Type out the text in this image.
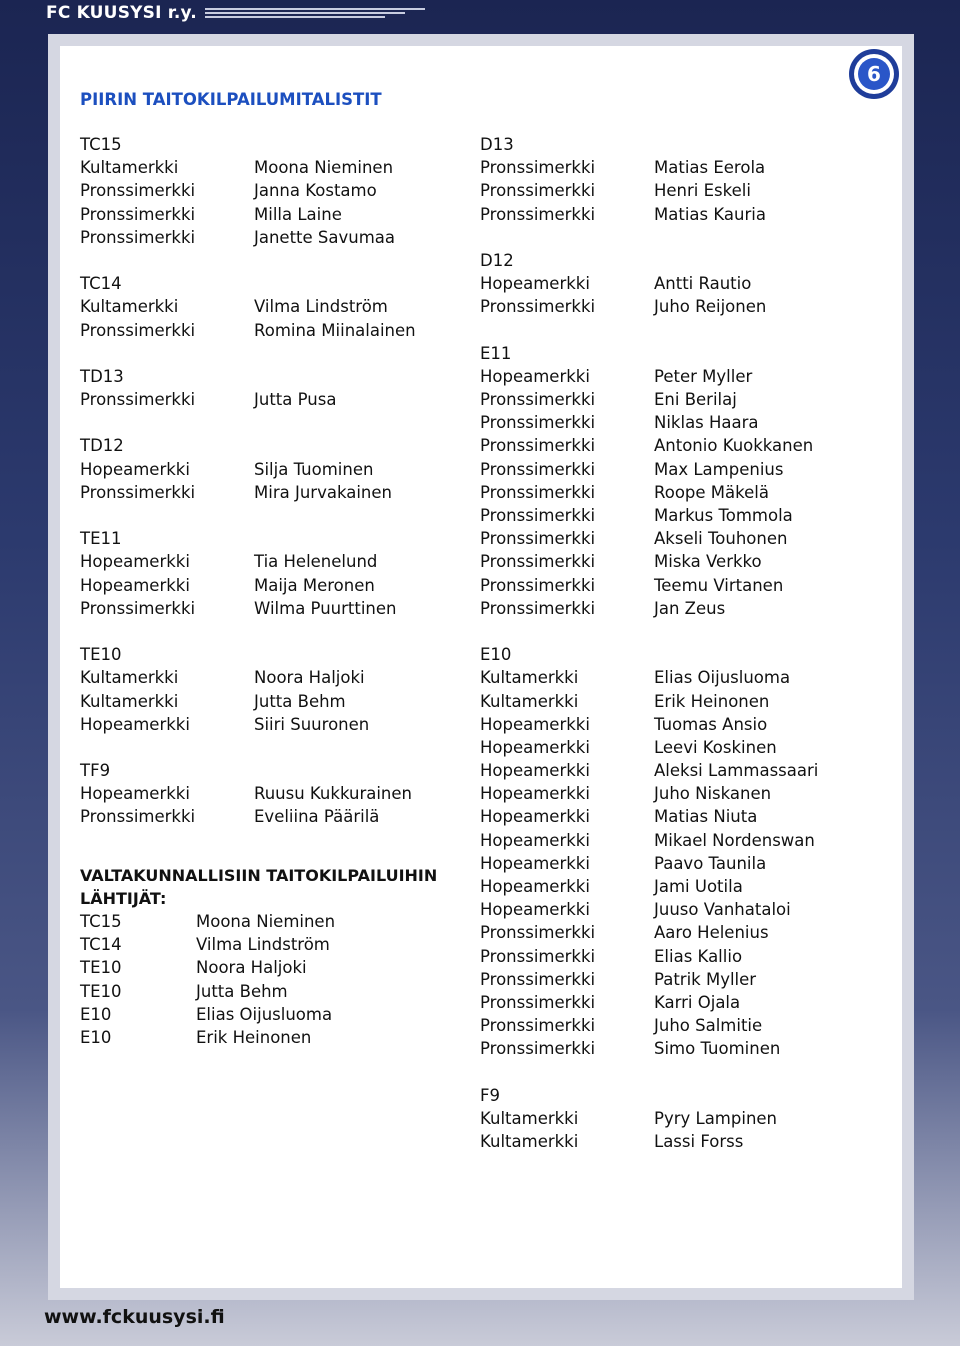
FC KUUSYSI r.y.
6
PIIRIN TAITOKILPAILUMITALISTIT
TC15
Kultamerkki	Moona Nieminen
Pronssimerkki	Janna Kostamo
Pronssimerkki	Milla Laine
Pronssimerkki	Janette Savumaa
TC14
Kultamerkki	Vilma Lindström
Pronssimerkki	Romina Miinalainen
TD13
Pronssimerkki	Jutta Pusa
TD12
Hopeamerkki	Silja Tuominen
Pronssimerkki	Mira Jurvakainen
TE11
Hopeamerkki	Tia Helenelund
Hopeamerkki	Maija Meronen
Pronssimerkki	Wilma Puurttinen
TE10
Kultamerkki	Noora Haljoki
Kultamerkki	Jutta Behm
Hopeamerkki	Siiri Suuronen
TF9
Hopeamerkki	Ruusu Kukkurainen
Pronssimerkki	Eveliina Päärilä

VALTAKUNNALLISIIN TAITOKILPAILUIHIN

LÄHTIJÄT:

TC15	Moona Nieminen
TC14	Vilma Lindström
TE10	Noora Haljoki
TE10	Jutta Behm
E10	Elias Oijusluoma
E10	Erik Heinonen
D13
Pronssimerkki	Matias Eerola
Pronssimerkki	Henri Eskeli
Pronssimerkki	Matias Kauria
D12
Hopeamerkki	Antti Rautio
Pronssimerkki	Juho Reijonen
E11
Hopeamerkki	Peter Myller
Pronssimerkki	Eni Berilaj
Pronssimerkki	Niklas Haara
Pronssimerkki	Antonio Kuokkanen
Pronssimerkki	Max Lampenius
Pronssimerkki	Roope Mäkelä
Pronssimerkki	Markus Tommola
Pronssimerkki	Akseli Touhonen
Pronssimerkki	Miska Verkko
Pronssimerkki	Teemu Virtanen
Pronssimerkki	Jan Zeus
E10
Kultamerkki	Elias Oijusluoma
Kultamerkki	Erik Heinonen
Hopeamerkki	Tuomas Ansio
Hopeamerkki	Leevi Koskinen
Hopeamerkki	Aleksi Lammassaari
Hopeamerkki	Juho Niskanen
Hopeamerkki	Matias Niuta
Hopeamerkki	Mikael Nordenswan
Hopeamerkki	Paavo Taunila
Hopeamerkki	Jami Uotila
Hopeamerkki	Juuso Vanhataloi
Pronssimerkki	Aaro Helenius
Pronssimerkki	Elias Kallio
Pronssimerkki	Patrik Myller
Pronssimerkki	Karri Ojala
Pronssimerkki	Juho Salmitie
Pronssimerkki	Simo Tuominen
F9
Kultamerkki	Pyry Lampinen
Kultamerkki	Lassi Forss
www.fckuusysi.fi
